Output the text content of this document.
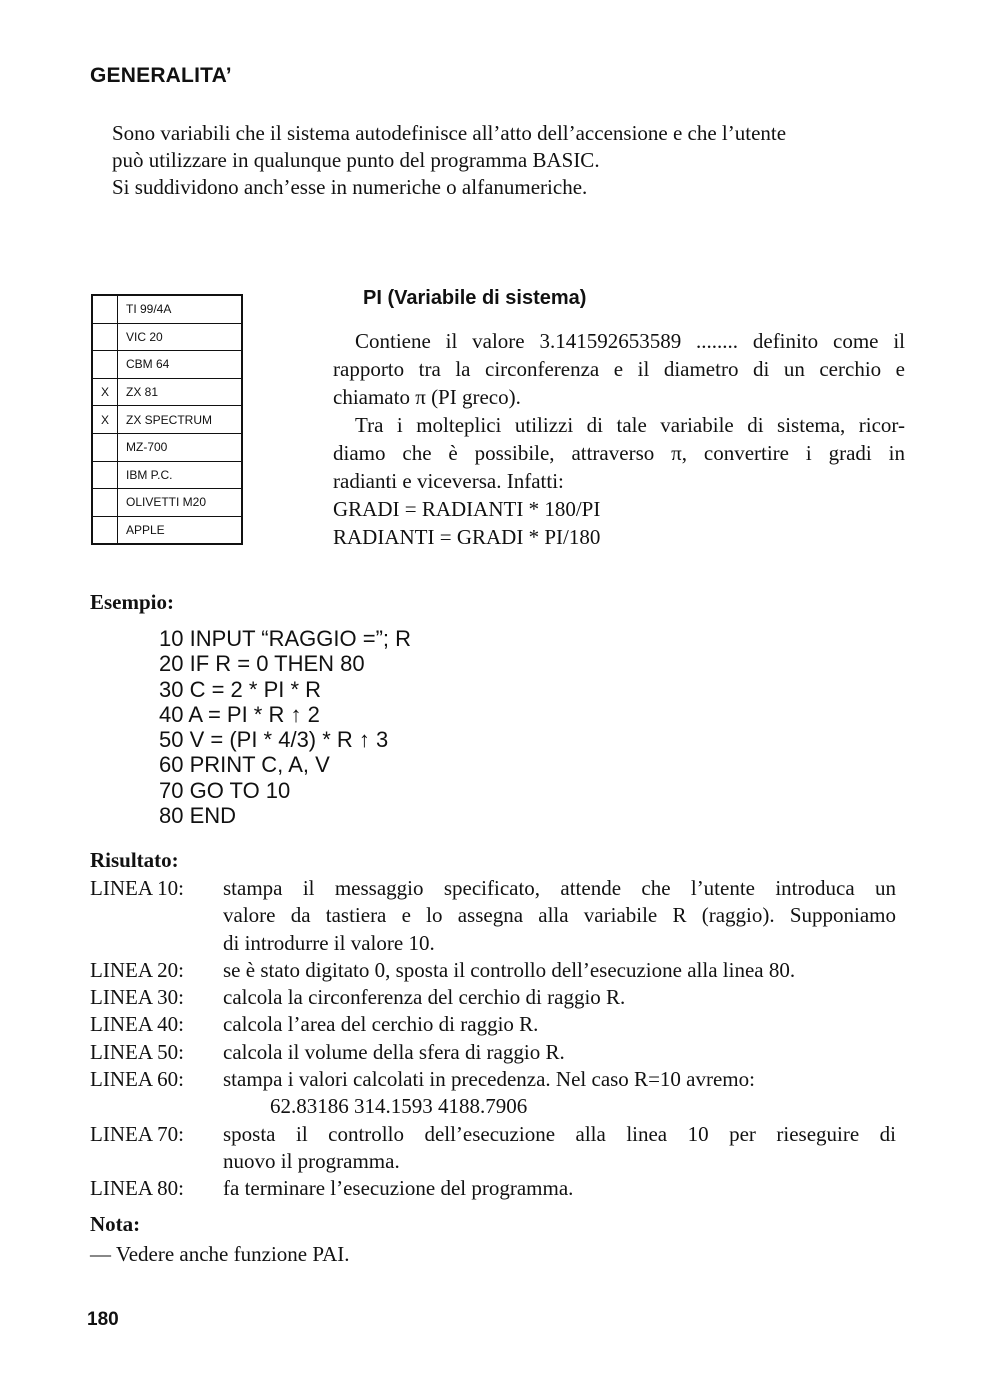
GENERALITA’
Sono variabili che il sistema autodefinisce all’atto dell’accensione e che l’utente
può utilizzare in qualunque punto del programma BASIC.
Si suddividono anch’esse in numeriche o alfanumeriche.
	TI 99/4A
	VIC 20
	CBM 64
X	ZX 81
X	ZX SPECTRUM
	MZ-700
	IBM P.C.
	OLIVETTI M20
	APPLE
PI (Variabile di sistema)
Contiene il valore 3.141592653589 ........ definito come il
rapporto tra la circonferenza e il diametro di un cerchio e
chiamato π (PI greco).
Tra i molteplici utilizzi di tale variabile di sistema, ricor-
diamo che è possibile, attraverso π, convertire i gradi in
radianti e viceversa. Infatti:
GRADI = RADIANTI * 180/PI
RADIANTI = GRADI * PI/180
Esempio:
10 INPUT “RAGGIO =”; R
20 IF R = 0 THEN 80
30 C = 2 * PI * R
40 A = PI * R ↑ 2
50 V = (PI * 4/3) * R ↑ 3
60 PRINT C, A, V
70 GO TO 10
80 END
Risultato:
LINEA 10:	stampa il messaggio specificato, attende che l’utente introduca un
valore da tastiera e lo assegna alla variabile R (raggio). Supponiamo
di introdurre il valore 10.
LINEA 20:	se è stato digitato 0, sposta il controllo dell’esecuzione alla linea 80.
LINEA 30:	calcola la circonferenza del cerchio di raggio R.
LINEA 40:	calcola l’area del cerchio di raggio R.
LINEA 50:	calcola il volume della sfera di raggio R.
LINEA 60:	stampa i valori calcolati in precedenza. Nel caso R=10 avremo:
62.83186 314.1593 4188.7906
LINEA 70:	sposta il controllo dell’esecuzione alla linea 10 per rieseguire di
nuovo il programma.
LINEA 80:	fa terminare l’esecuzione del programma.
Nota:
— Vedere anche funzione PAI.
180
